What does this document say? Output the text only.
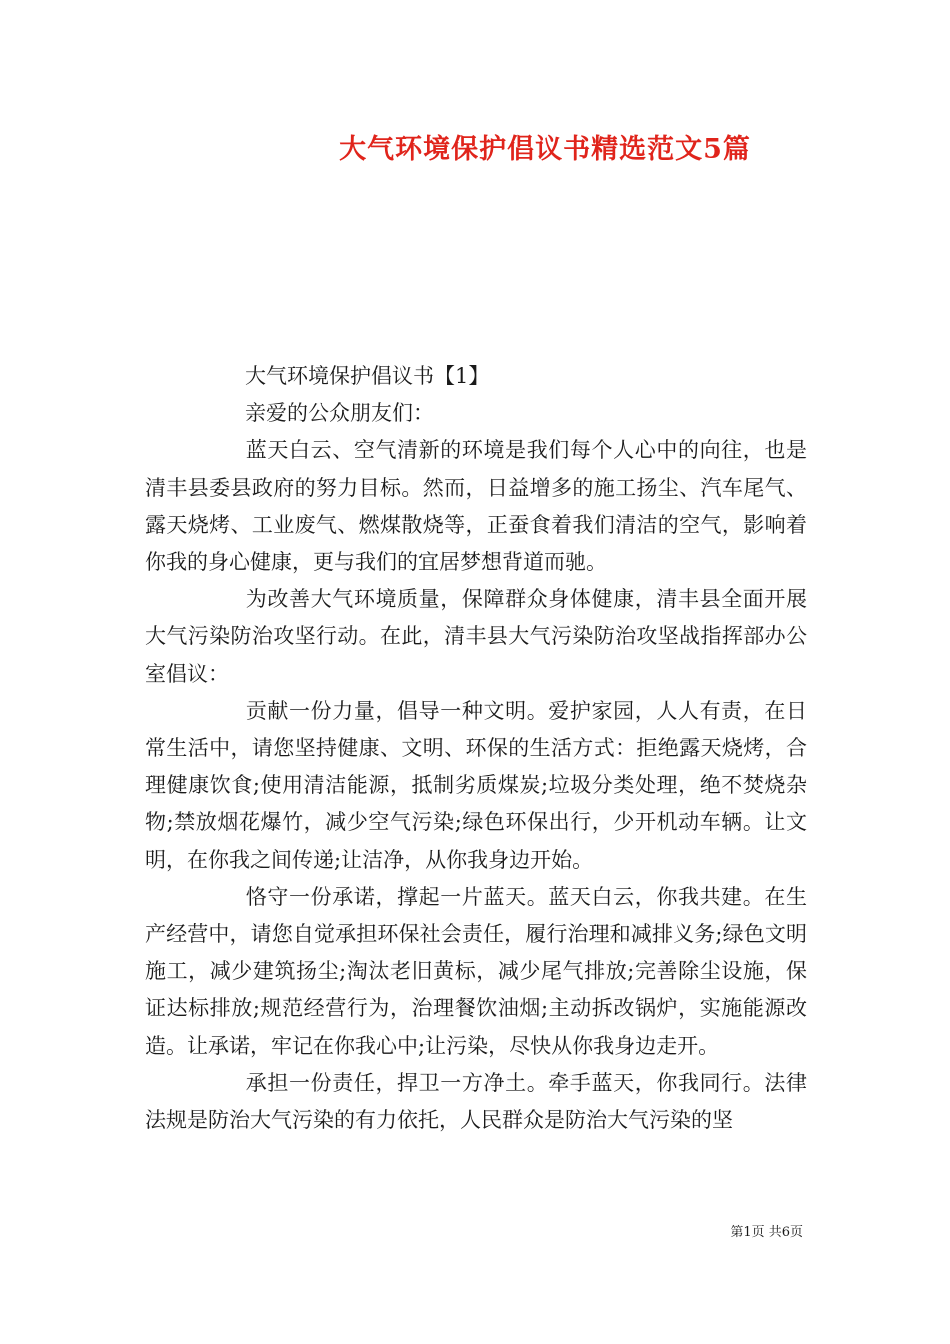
大气环境保护倡议书精选范文5篇

大气环境保护倡议书【1】

亲爱的公众朋友们：

蓝天白云、空气清新的环境是我们每个人心中的向往，也是清丰县委县政府的努力目标。然而，日益增多的施工扬尘、汽车尾气、露天烧烤、工业废气、燃煤散烧等，正蚕食着我们清洁的空气，影响着你我的身心健康，更与我们的宜居梦想背道而驰。

为改善大气环境质量，保障群众身体健康，清丰县全面开展大气污染防治攻坚行动。在此，清丰县大气污染防治攻坚战指挥部办公室倡议：

贡献一份力量，倡导一种文明。爱护家园，人人有责，在日常生活中，请您坚持健康、文明、环保的生活方式：拒绝露天烧烤，合理健康饮食;使用清洁能源，抵制劣质煤炭;垃圾分类处理，绝不焚烧杂物;禁放烟花爆竹，减少空气污染;绿色环保出行，少开机动车辆。让文明，在你我之间传递;让洁净，从你我身边开始。

恪守一份承诺，撑起一片蓝天。蓝天白云，你我共建。在生产经营中，请您自觉承担环保社会责任，履行治理和减排义务;绿色文明施工，减少建筑扬尘;淘汰老旧黄标，减少尾气排放;完善除尘设施，保证达标排放;规范经营行为，治理餐饮油烟;主动拆改锅炉，实施能源改造。让承诺，牢记在你我心中;让污染，尽快从你我身边走开。

承担一份责任，捍卫一方净土。牵手蓝天，你我同行。法律法规是防治大气污染的有力依托，人民群众是防治大气污染的坚

第1页 共6页
